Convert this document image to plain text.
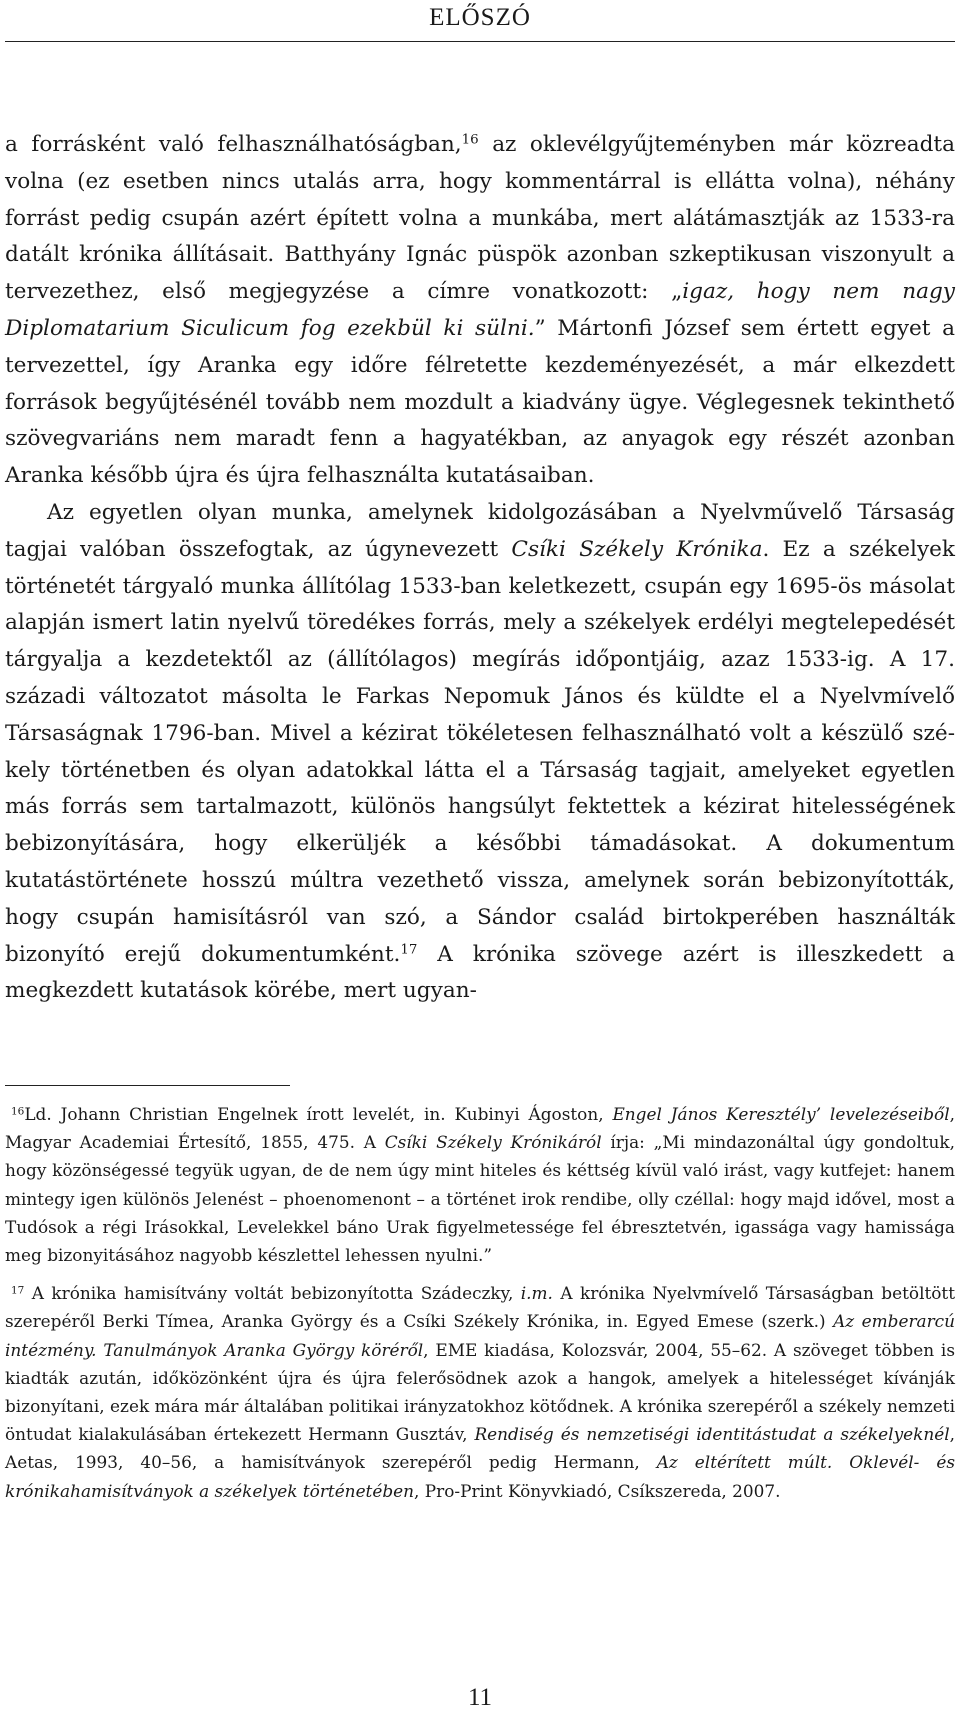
ELŐSZÓ

a forrásként való felhasználhatóságban,$^{16}$ az oklevélgyűjteményben már közreadta volna (ez esetben nincs utalás arra, hogy kommentárral is ellátta volna), néhány forrást pedig csupán azért épített volna a munkába, mert alátámasztják az 1533-ra datált krónika állításait. Batthyány Ignác püspök azonban szkeptikusan viszonyult a tervezethez, első megjegyzése a címre vonatkozott: „igaz, hogy nem nagy Diplomatarium Siculicum fog ezekbül ki sülni.” Mártonfi József sem értett egyet a tervezettel, így Aranka egy időre félretette kezdeményezését, a már elkezdett források begyűjtésénél tovább nem mozdult a kiadvány ügye. Véglegesnek tekinthető szövegvariáns nem maradt fenn a hagyatékban, az anyagok egy részét azonban Aranka később újra és újra felhasználta kutatásaiban.

Az egyetlen olyan munka, amelynek kidolgozásában a Nyelvművelő Társaság tagjai valóban összefogtak, az úgynevezett Csíki Székely Krónika. Ez a székelyek történetét tárgyaló munka állítólag 1533-ban keletkezett, csupán egy 1695-ös másolat alapján ismert latin nyelvű töredékes forrás, mely a székelyek erdélyi megtelepedését tárgyalja a kezdetektől az (állítólagos) megírás időpontjáig, azaz 1533-ig. A 17. századi változatot másolta le Farkas Nepomuk János és küldte el a Nyelvmívelő Társaságnak 1796-ban. Mivel a kézirat tökéletesen felhasználható volt a készülő székely történetben és olyan adatokkal látta el a Társaság tagjait, amelyeket egyetlen más forrás sem tartalmazott, különös hangsúlyt fektettek a kézirat hitelességének bebizonyítására, hogy elkerüljék a későbbi támadásokat. A dokumentum kutatástörténete hosszú múltra vezethető vissza, amelynek során bebizonyították, hogy csupán hamisításról van szó, a Sándor család birtokperében használták bizonyító erejű dokumentumként.$^{17}$ A krónika szövege azért is illeszkedett a megkezdett kutatások körébe, mert ugyan-

$^{16}$Ld. Johann Christian Engelnek írott levelét, in. Kubinyi Ágoston, Engel János Keresztély’ levelezéseiből, Magyar Academiai Értesítő, 1855, 475. A Csíki Székely Krónikáról írja: „Mi mindazonáltal úgy gondoltuk, hogy közönségessé tegyük ugyan, de de nem úgy mint hiteles és kéttség kívül való irást, vagy kutfejet: hanem mintegy igen különös Jelenést – phoenomenont – a történet irok rendibe, olly czéllal: hogy majd idővel, most a Tudósok a régi Irásokkal, Levelekkel báno Urak figyelmetessége fel ébresztetvén, igassága vagy hamissága meg bizonyitásához nagyobb készlettel lehessen nyulni.”

$^{17}$ A krónika hamisítvány voltát bebizonyította Szádeczky, i.m. A krónika Nyelvmívelő Társaságban betöltött szerepéről Berki Tímea, Aranka György és a Csíki Székely Krónika, in. Egyed Emese (szerk.) Az emberarcú intézmény. Tanulmányok Aranka György köréről, EME kiadása, Kolozsvár, 2004, 55–62. A szöveget többen is kiadták azután, időközönként újra és újra felerősödnek azok a hangok, amelyek a hitelességet kívánják bizonyítani, ezek mára már általában politikai irányzatokhoz kötődnek. A krónika szerepéről a székely nemzeti öntudat kialakulásában értekezett Hermann Gusztáv, Rendiség és nemzetiségi identitástudat a székelyeknél, Aetas, 1993, 40–56, a hamisítványok szerepéről pedig Hermann, Az eltérített múlt. Oklevél- és krónikahamisítványok a székelyek történetében, Pro-Print Könyvkiadó, Csíkszereda, 2007.

11
